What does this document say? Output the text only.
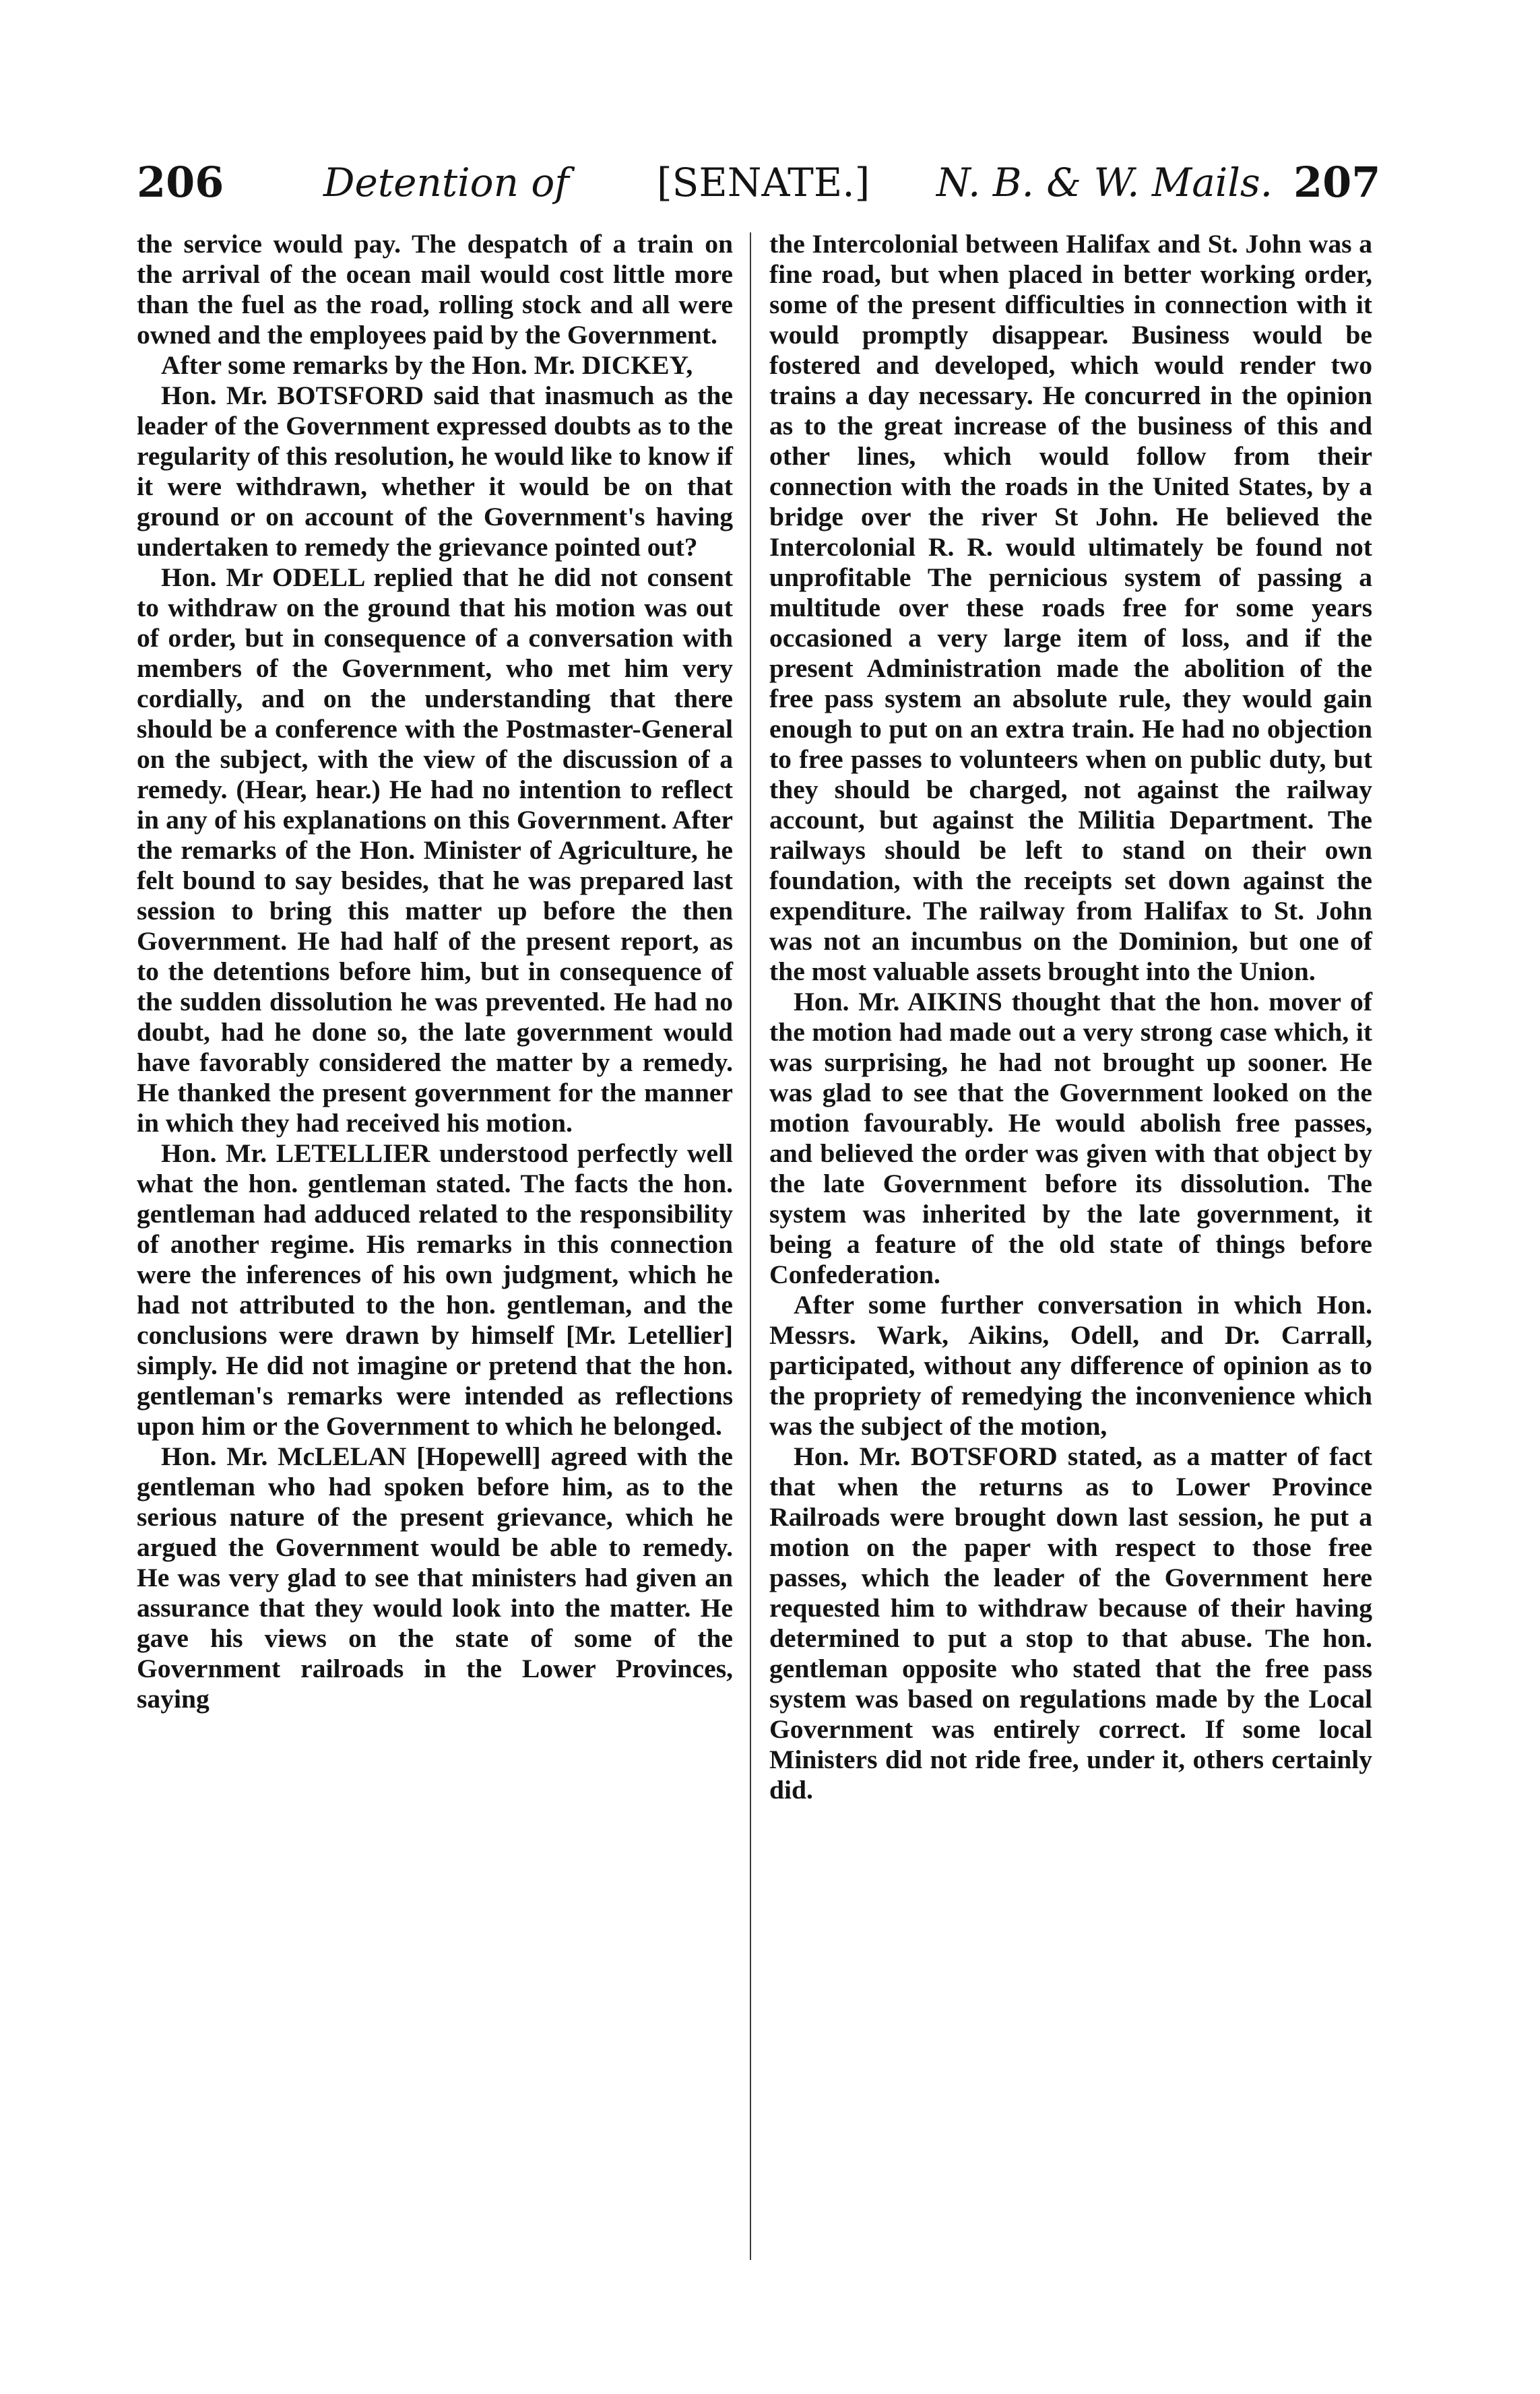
206	Detention of [SENATE.] N. B. & W. Mails. 207

the service would pay. The despatch of a train on the arrival of the ocean mail would cost little more than the fuel as the road, rolling stock and all were owned and the employees paid by the Government.

After some remarks by the Hon. Mr. DICKEY,

Hon. Mr. BOTSFORD said that inasmuch as the leader of the Government expressed doubts as to the regularity of this resolution, he would like to know if it were withdrawn, whether it would be on that ground or on account of the Government's having undertaken to remedy the grievance pointed out?

Hon. Mr ODELL replied that he did not consent to withdraw on the ground that his motion was out of order, but in consequence of a conversation with members of the Government, who met him very cordially, and on the understanding that there should be a conference with the Postmaster-General on the subject, with the view of the discussion of a remedy. (Hear, hear.) He had no intention to reflect in any of his explanations on this Government. After the remarks of the Hon. Minister of Agriculture, he felt bound to say besides, that he was prepared last session to bring this matter up before the then Government. He had half of the present report, as to the detentions before him, but in consequence of the sudden dissolution he was prevented. He had no doubt, had he done so, the late government would have favorably considered the matter by a remedy. He thanked the present government for the manner in which they had received his motion.

Hon. Mr. LETELLIER understood perfectly well what the hon. gentleman stated. The facts the hon. gentleman had adduced related to the responsibility of another regime. His remarks in this connection were the inferences of his own judgment, which he had not attributed to the hon. gentleman, and the conclusions were drawn by himself [Mr. Letellier] simply. He did not imagine or pretend that the hon. gentleman's remarks were intended as reflections upon him or the Government to which he belonged.

Hon. Mr. McLELAN [Hopewell] agreed with the gentleman who had spoken before him, as to the serious nature of the present grievance, which he argued the Government would be able to remedy. He was very glad to see that ministers had given an assurance that they would look into the matter. He gave his views on the state of some of the Government railroads in the Lower Provinces, saying

the Intercolonial between Halifax and St. John was a fine road, but when placed in better working order, some of the present difficulties in connection with it would promptly disappear. Business would be fostered and developed, which would render two trains a day necessary. He concurred in the opinion as to the great increase of the business of this and other lines, which would follow from their connection with the roads in the United States, by a bridge over the river St John. He believed the Intercolonial R. R. would ultimately be found not unprofitable The pernicious system of passing a multitude over these roads free for some years occasioned a very large item of loss, and if the present Administration made the abolition of the free pass system an absolute rule, they would gain enough to put on an extra train. He had no objection to free passes to volunteers when on public duty, but they should be charged, not against the railway account, but against the Militia Department. The railways should be left to stand on their own foundation, with the receipts set down against the expenditure. The railway from Halifax to St. John was not an incumbus on the Dominion, but one of the most valuable assets brought into the Union.

Hon. Mr. AIKINS thought that the hon. mover of the motion had made out a very strong case which, it was surprising, he had not brought up sooner. He was glad to see that the Government looked on the motion favourably. He would abolish free passes, and believed the order was given with that object by the late Government before its dissolution. The system was inherited by the late government, it being a feature of the old state of things before Confederation.

After some further conversation in which Hon. Messrs. Wark, Aikins, Odell, and Dr. Carrall, participated, without any difference of opinion as to the propriety of remedying the inconvenience which was the subject of the motion,

Hon. Mr. BOTSFORD stated, as a matter of fact that when the returns as to Lower Province Railroads were brought down last session, he put a motion on the paper with respect to those free passes, which the leader of the Government here requested him to withdraw because of their having determined to put a stop to that abuse. The hon. gentleman opposite who stated that the free pass system was based on regulations made by the Local Government was entirely correct. If some local Ministers did not ride free, under it, others certainly did.
